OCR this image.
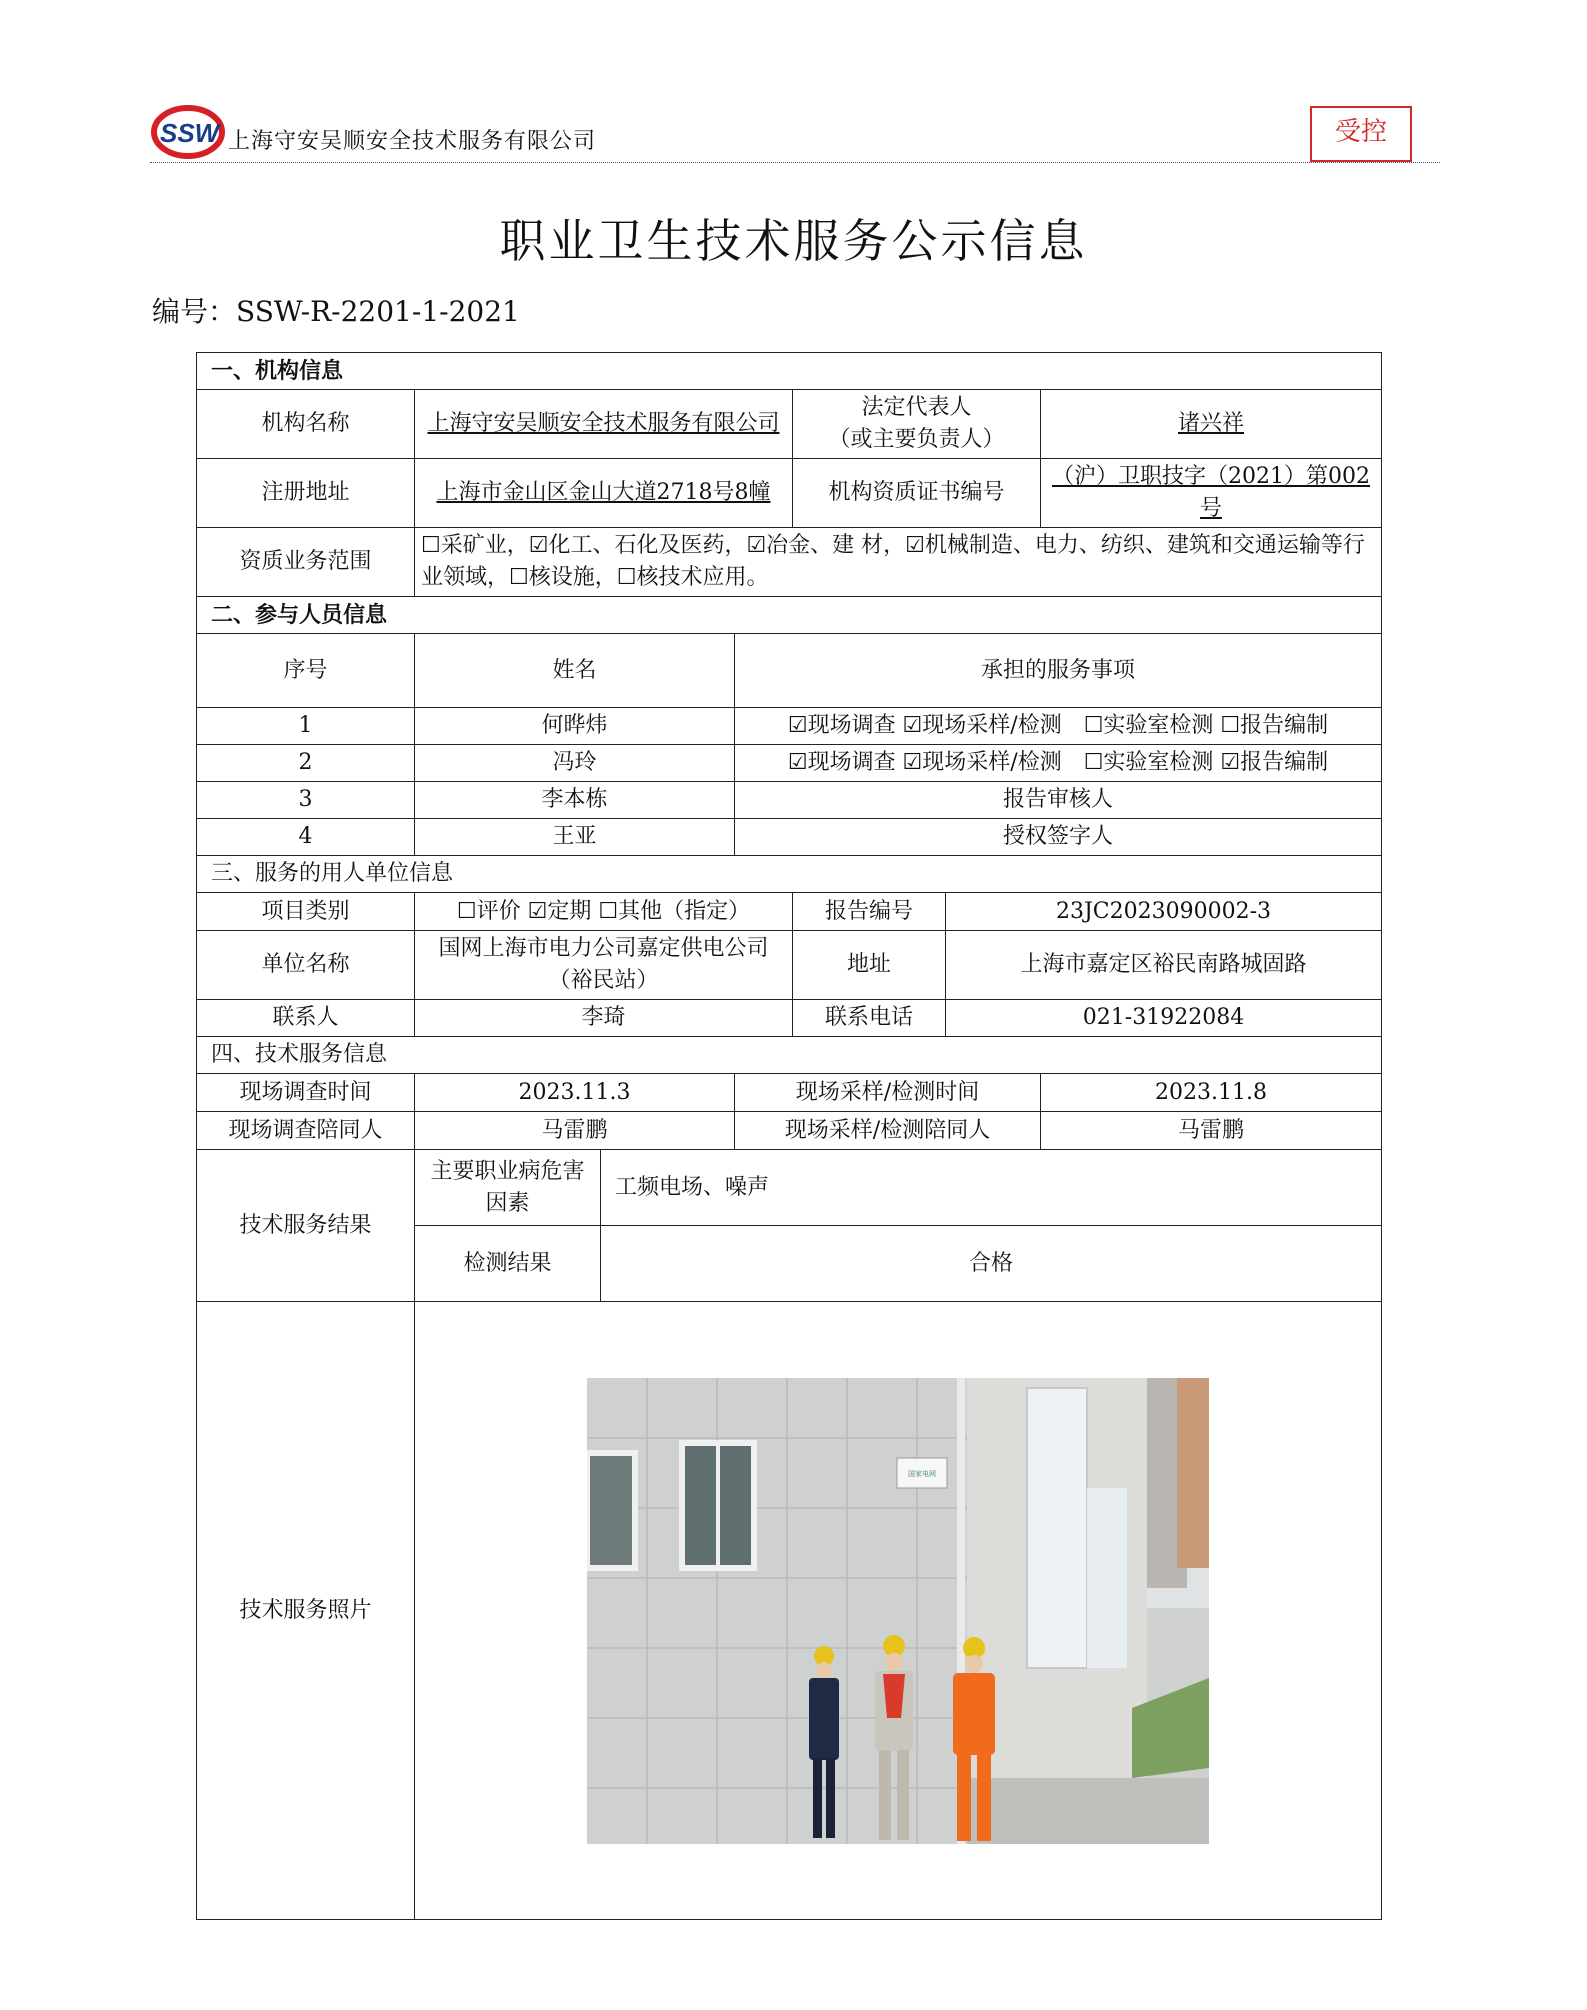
SSW 上海守安吴顺安全技术服务有限公司	受控
职业卫生技术服务公示信息
编号：SSW-R-2201-1-2021
一、机构信息						
机构名称	上海守安吴顺安全技术服务有限公司			法定代表人
（或主要负责人）		诸兴祥
注册地址	上海市金山区金山大道2718号8幢			机构资质证书编号		（沪）卫职技字（2021）第002号
资质业务范围	☐采矿业，☑化工、石化及医药，☑冶金、建 材，☑机械制造、电力、纺织、建筑和交通运输等行业领域，☐核设施，☐核技术应用。					
二、参与人员信息						
序号	姓名		承担的服务事项			
1	何晔炜		☑现场调查 ☑现场采样/检测　☐实验室检测 ☐报告编制			
2	冯玲		☑现场调查 ☑现场采样/检测　☐实验室检测 ☑报告编制			
3	李本栋		报告审核人			
4	王亚		授权签字人			
三、服务的用人单位信息						
项目类别	☐评价 ☑定期 ☐其他（指定）			报告编号	23JC2023090002-3	
单位名称	国网上海市电力公司嘉定供电公司（裕民站）			地址	上海市嘉定区裕民南路城固路	
联系人	李琦			联系电话	021-31922084	
四、技术服务信息						
现场调查时间	2023.11.3		现场采样/检测时间			2023.11.8
现场调查陪同人	马雷鹏		现场采样/检测陪同人			马雷鹏
技术服务结果	主要职业病危害因素	工频电场、噪声				
	检测结果	合格				
技术服务照片	国家电网					
